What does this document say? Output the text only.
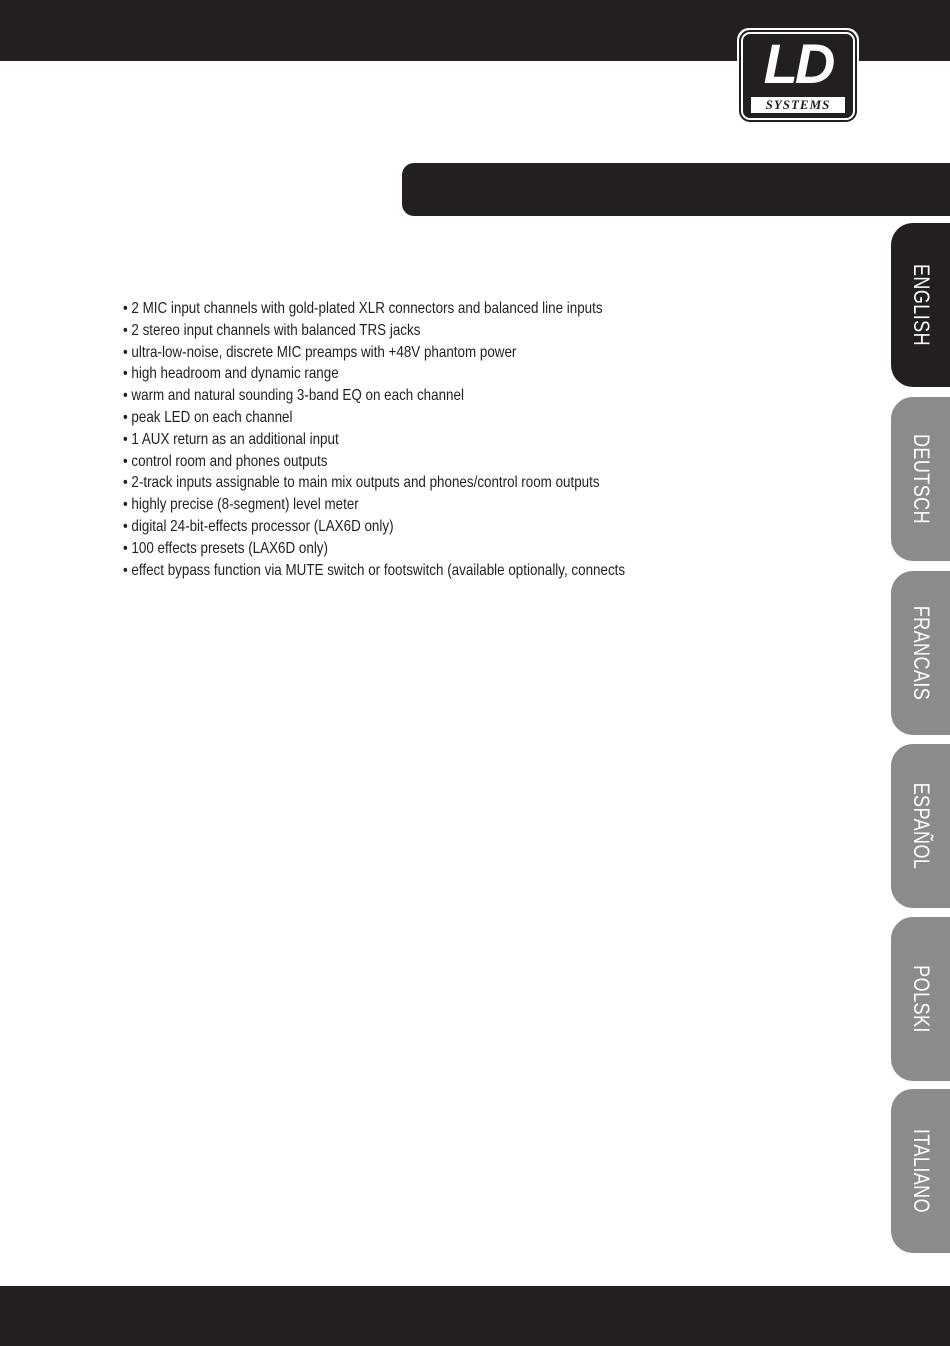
LD
SYSTEMS
• 2 MIC input channels with gold-plated XLR connectors and balanced line inputs
• 2 stereo input channels with balanced TRS jacks
• ultra-low-noise, discrete MIC preamps with +48V phantom power
• high headroom and dynamic range
• warm and natural sounding 3-band EQ on each channel
• peak LED on each channel
• 1 AUX return as an additional input
• control room and phones outputs
• 2-track inputs assignable to main mix outputs and phones/control room outputs
• highly precise (8-segment) level meter
• digital 24-bit-effects processor (LAX6D only)
• 100 effects presets (LAX6D only)
• effect bypass function via MUTE switch or footswitch (available optionally, connects
ENGLISH
DEUTSCH
FRANCAIS
ESPAÑOL
POLSKI
ITALIANO
